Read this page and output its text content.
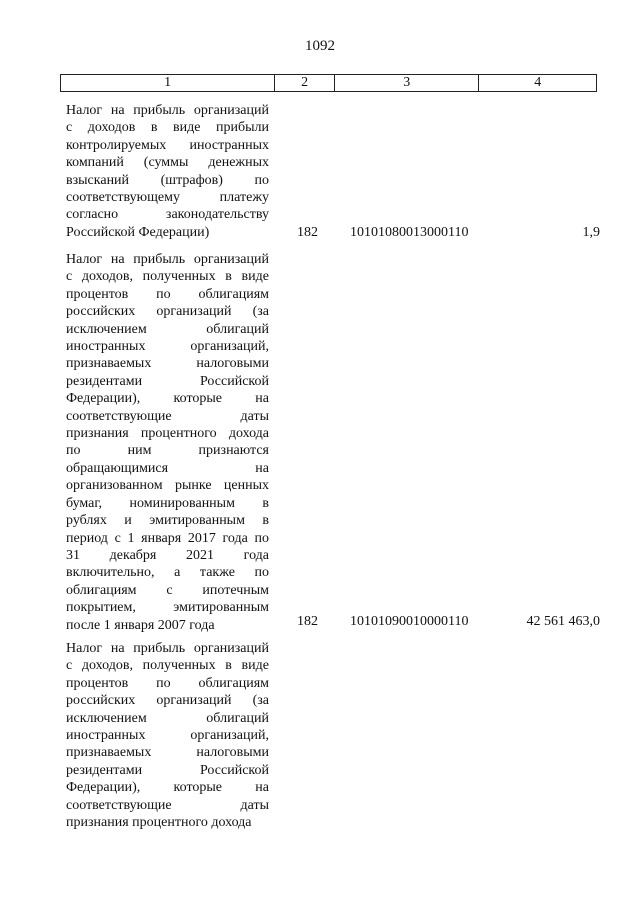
1092
1	2	3	4
Налог на прибыль организаций
с доходов в виде прибыли
контролируемых иностранных
компаний (суммы денежных
взысканий (штрафов) по
соответствующему платежу
согласно законодательству
Российской Федерации)	182 10101080013000110	1,9
Налог на прибыль организаций
с доходов, полученных в виде
процентов по облигациям
российских организаций (за
исключением облигаций
иностранных организаций,
признаваемых налоговыми
резидентами Российской
Федерации), которые на
соответствующие даты
признания процентного дохода
по ним признаются
обращающимися на
организованном рынке ценных
бумаг, номинированным в
рублях и эмитированным в
период с 1 января 2017 года по
31 декабря 2021 года
включительно, а также по
облигациям с ипотечным
покрытием, эмитированным
после 1 января 2007 года	182 10101090010000110	42 561 463,0
Налог на прибыль организаций
с доходов, полученных в виде
процентов по облигациям
российских организаций (за
исключением облигаций
иностранных организаций,
признаваемых налоговыми
резидентами Российской
Федерации), которые на
соответствующие даты
признания процентного дохода
